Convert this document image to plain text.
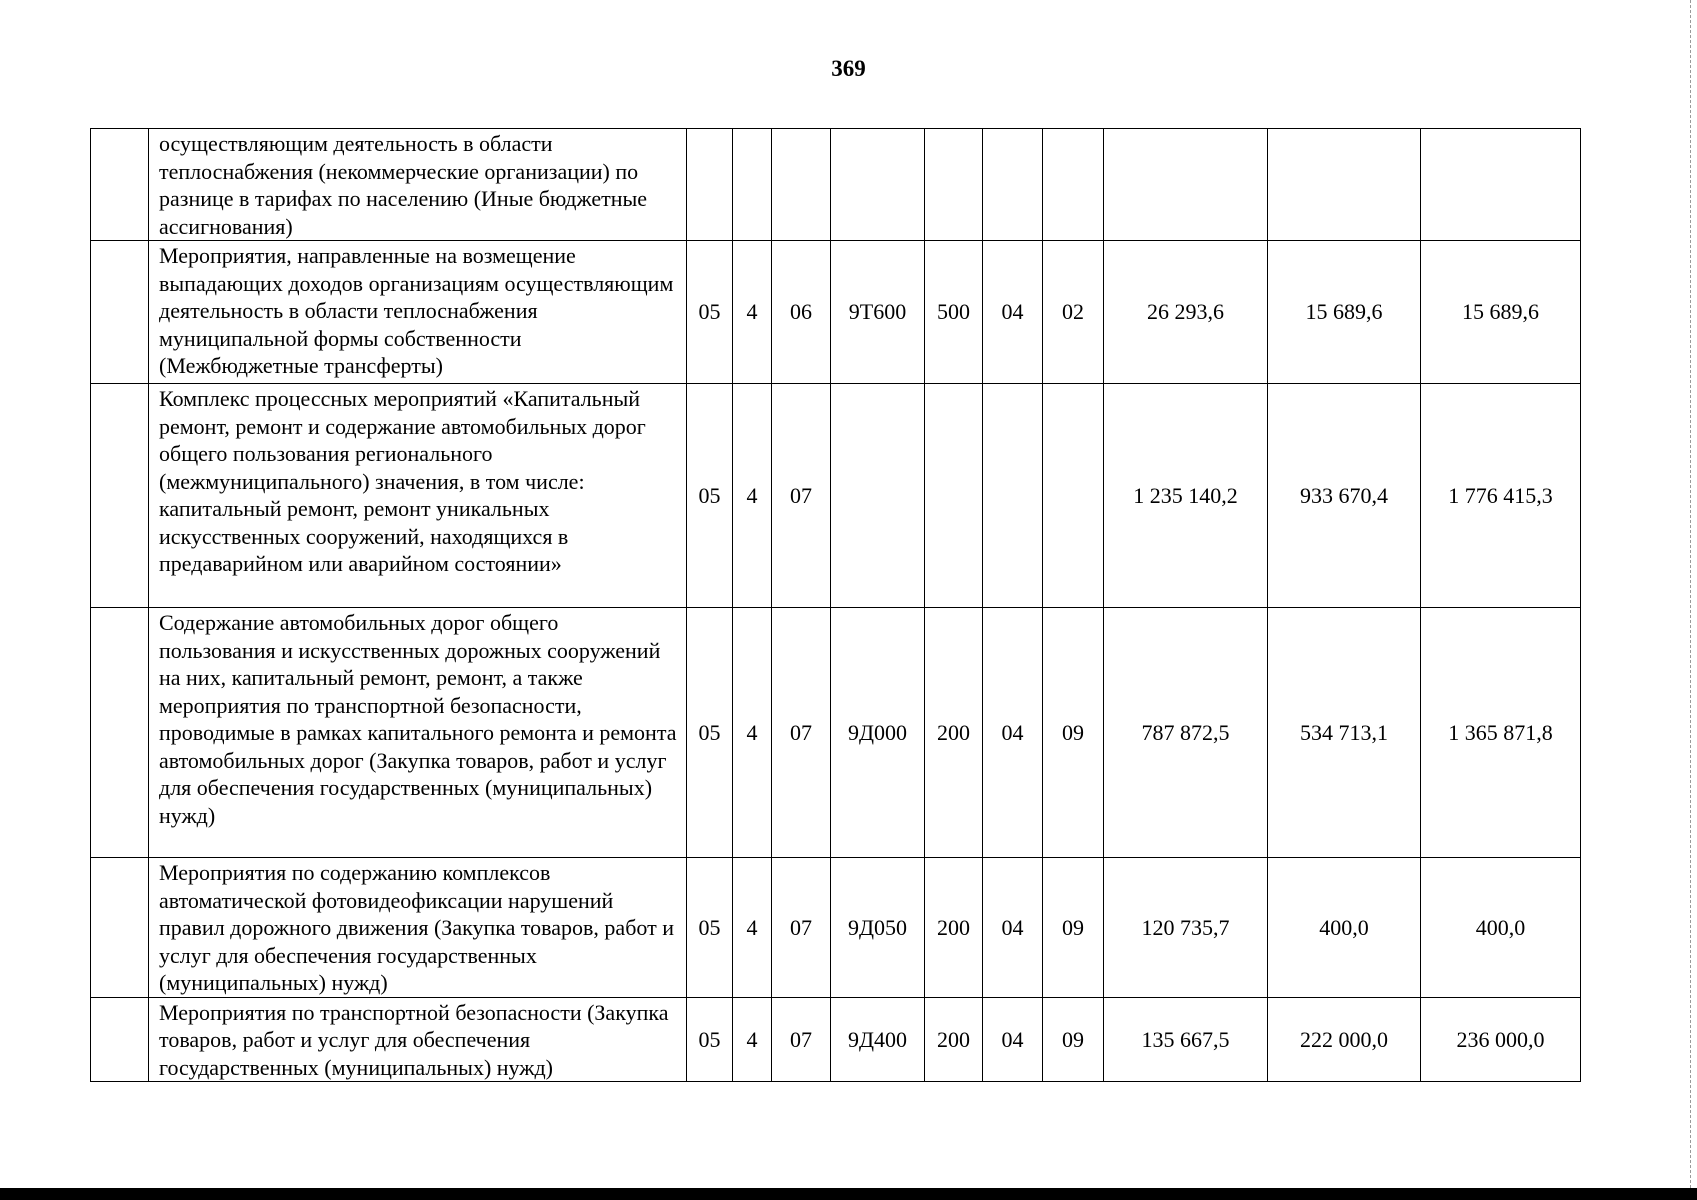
369
	осуществляющим деятельность в области теплоснабжения (некоммерческие организации) по разнице в тарифах по населению (Иные бюджетные ассигнования)										
	Мероприятия, направленные на возмещение выпадающих доходов организациям осуществляющим деятельность в области теплоснабжения муниципальной формы собственности (Межбюджетные трансферты)	05	4	06	9Т600	500	04	02	26 293,6	15 689,6	15 689,6
	Комплекс процессных мероприятий «Капитальный ремонт, ремонт и содержание автомобильных дорог общего пользования регионального (межмуниципального) значения, в том числе: капитальный ремонт, ремонт уникальных искусственных сооружений, находящихся в предаварийном или аварийном состоянии»	05	4	07					1 235 140,2	933 670,4	1 776 415,3
	Содержание автомобильных дорог общего пользования и искусственных дорожных сооружений на них, капитальный ремонт, ремонт, а также мероприятия по транспортной безопасности, проводимые в рамках капитального ремонта и ремонта автомобильных дорог (Закупка товаров, работ и услуг для обеспечения государственных (муниципальных) нужд)	05	4	07	9Д000	200	04	09	787 872,5	534 713,1	1 365 871,8
	Мероприятия по содержанию комплексов автоматической фотовидеофиксации нарушений правил дорожного движения (Закупка товаров, работ и услуг для обеспечения государственных (муниципальных) нужд)	05	4	07	9Д050	200	04	09	120 735,7	400,0	400,0
	Мероприятия по транспортной безопасности (Закупка товаров, работ и услуг для обеспечения государственных (муниципальных) нужд)	05	4	07	9Д400	200	04	09	135 667,5	222 000,0	236 000,0
